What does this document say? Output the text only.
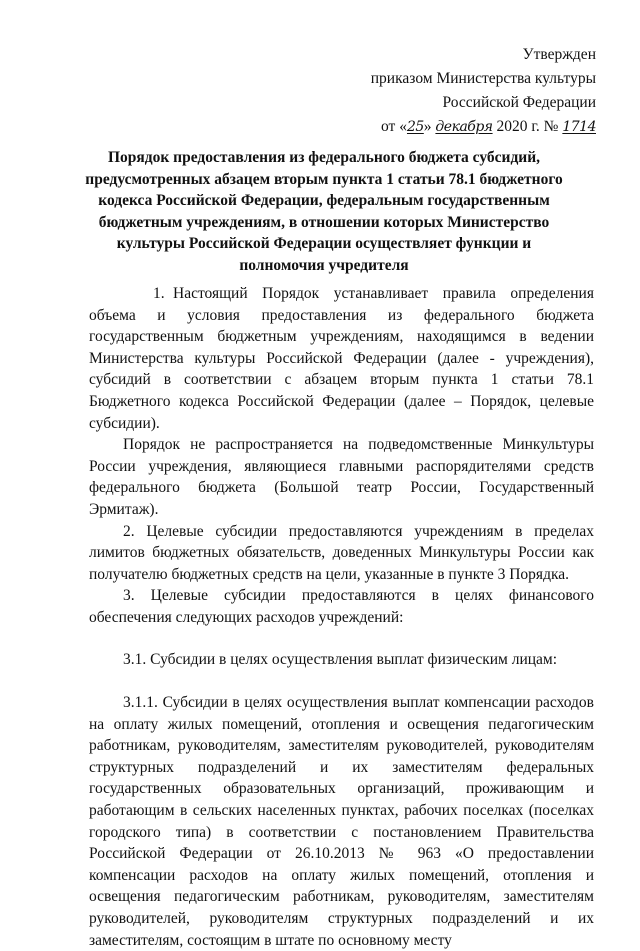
Утвержден
приказом Министерства культуры
Российской Федерации
от «25» декабря 2020 г. № 1714
Порядок предоставления из федерального бюджета субсидий, предусмотренных абзацем вторым пункта 1 статьи 78.1 бюджетного кодекса Российской Федерации, федеральным государственным бюджетным учреждениям, в отношении которых Министерство культуры Российской Федерации осуществляет функции и полномочия учредителя

1. Настоящий Порядок устанавливает правила определения объема и условия предоставления из федерального бюджета государственным бюджетным учреждениям, находящимся в ведении Министерства культуры Российской Федерации (далее - учреждения), субсидий в соответствии с абзацем вторым пункта 1 статьи 78.1 Бюджетного кодекса Российской Федерации (далее – Порядок, целевые субсидии).

Порядок не распространяется на подведомственные Минкультуры России учреждения, являющиеся главными распорядителями средств федерального бюджета (Большой театр России, Государственный Эрмитаж).

2. Целевые субсидии предоставляются учреждениям в пределах лимитов бюджетных обязательств, доведенных Минкультуры России как получателю бюджетных средств на цели, указанные в пункте 3 Порядка.

3. Целевые субсидии предоставляются в целях финансового обеспечения следующих расходов учреждений:

3.1. Субсидии в целях осуществления выплат физическим лицам:

3.1.1. Субсидии в целях осуществления выплат компенсации расходов на оплату жилых помещений, отопления и освещения педагогическим работникам, руководителям, заместителям руководителей, руководителям структурных подразделений и их заместителям федеральных государственных образовательных организаций, проживающим и работающим в сельских населенных пунктах, рабочих поселках (поселках городского типа) в соответствии с постановлением Правительства Российской Федерации от 26.10.2013 № 963 «О предоставлении компенсации расходов на оплату жилых помещений, отопления и освещения педагогическим работникам, руководителям, заместителям руководителей, руководителям структурных подразделений и их заместителям, состоящим в штате по основному месту
